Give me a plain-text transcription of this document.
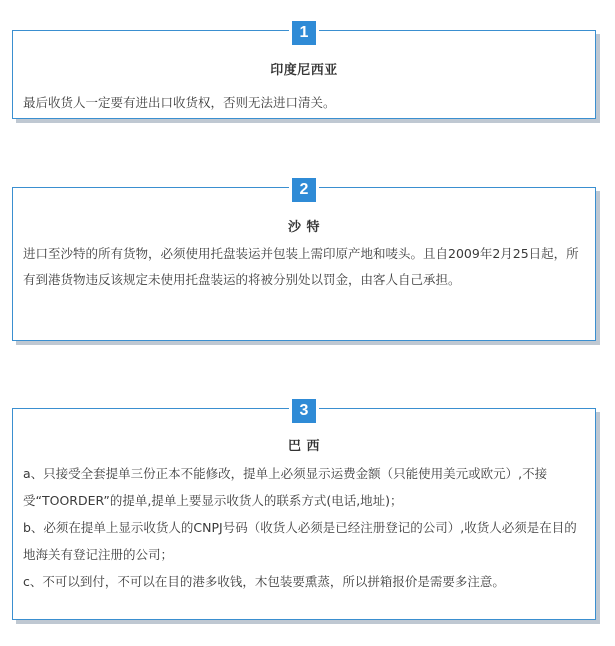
1
印度尼西亚

最后收货人一定要有进出口收货权，否则无法进口清关。

2
沙 特

进口至沙特的所有货物，必须使用托盘装运并包装上需印原产地和唛头。且自2009年2月25日起，所有到港货物违反该规定未使用托盘装运的将被分别处以罚金，由客人自己承担。

3
巴 西

a、只接受全套提单三份正本不能修改，提单上必须显示运费金额（只能使用美元或欧元）,不接受“TOORDER”的提单,提单上要显示收货人的联系方式(电话,地址)；

b、必须在提单上显示收货人的CNPJ号码（收货人必须是已经注册登记的公司）,收货人必须是在目的地海关有登记注册的公司；

c、不可以到付，不可以在目的港多收钱，木包装要熏蒸，所以拼箱报价是需要多注意。
